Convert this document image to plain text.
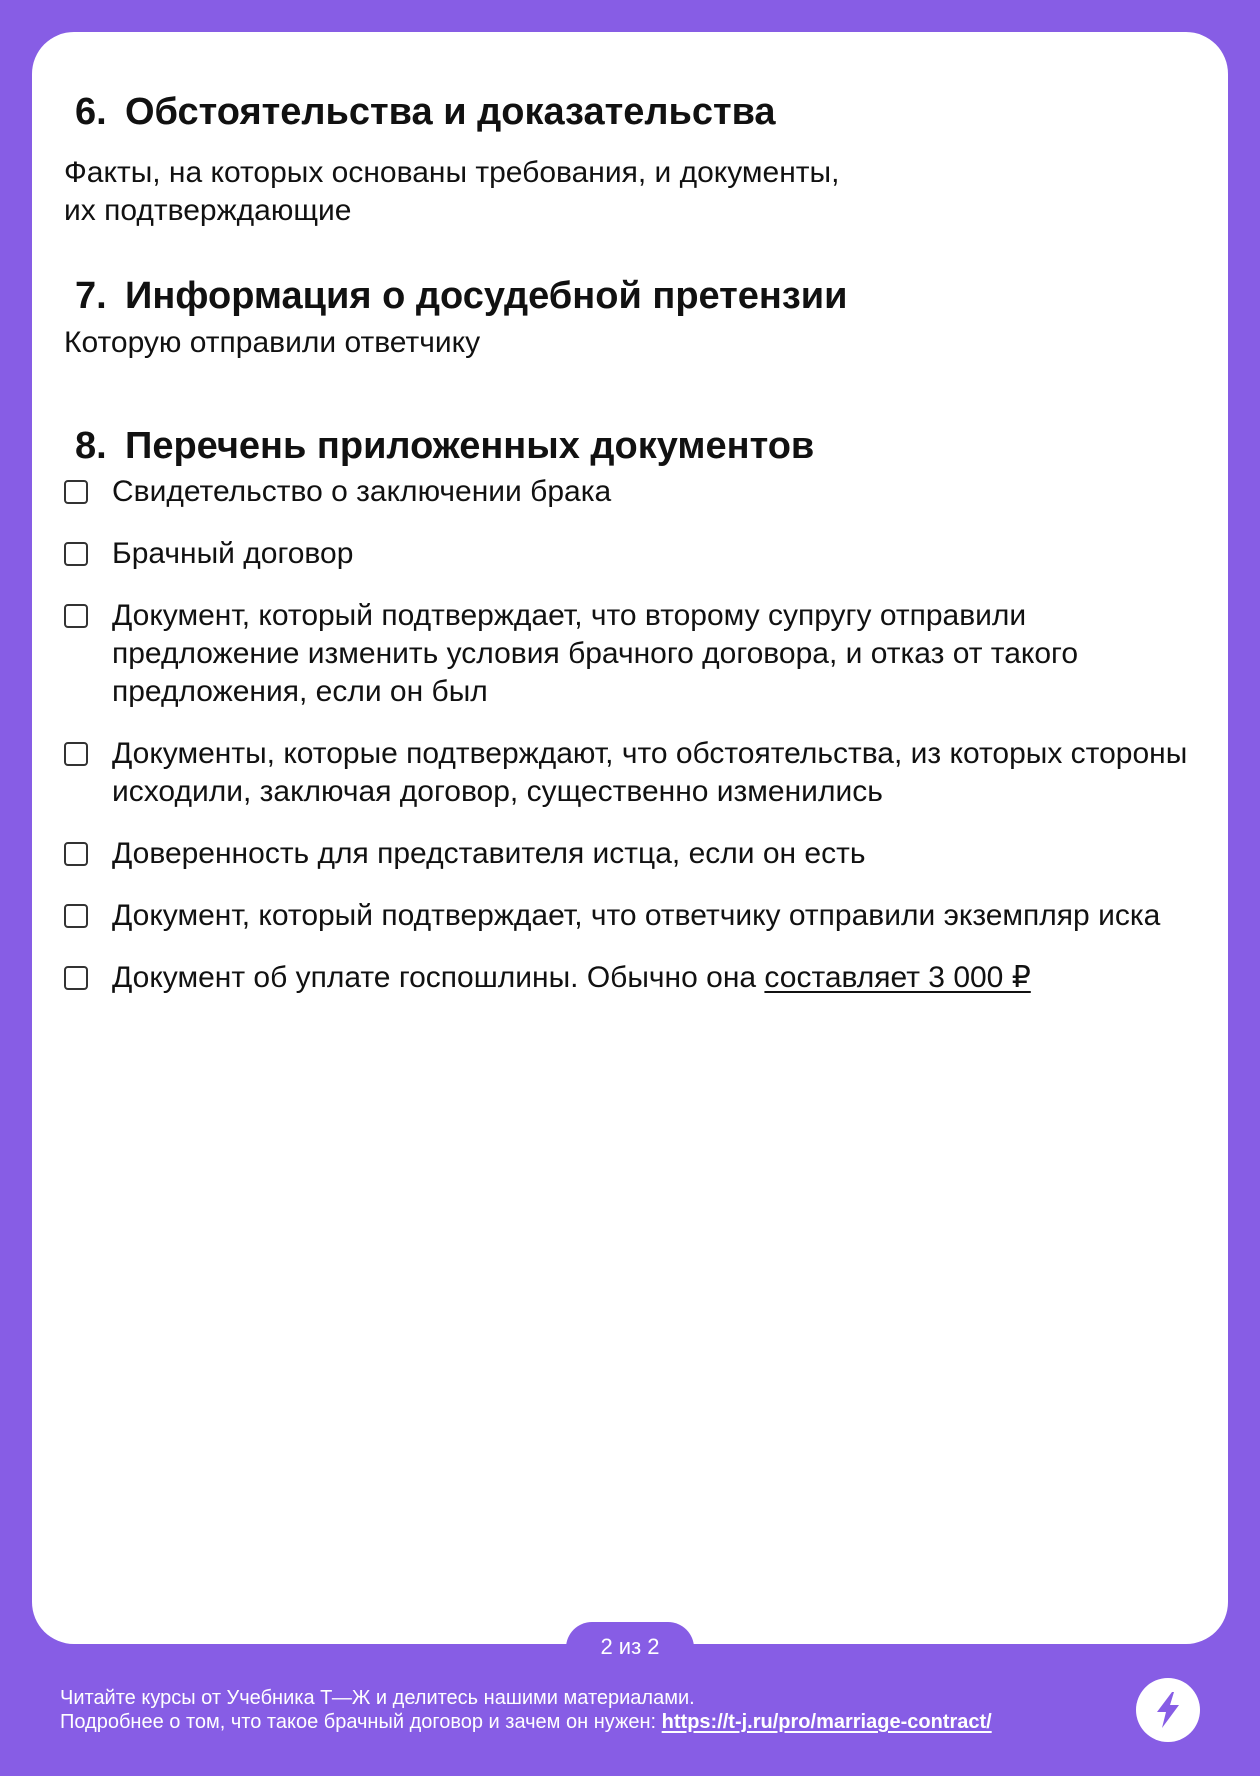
6. Обстоятельства и доказательства

Факты, на которых основаны требования, и документы,
их подтверждающие

7. Информация о досудебной претензии

Которую отправили ответчику

8. Перечень приложенных документов
Свидетельство о заключении брака
Брачный договор
Документ, который подтверждает, что второму супругу отправили предложение изменить условия брачного договора, и отказ от такого предложения, если он был
Документы, которые подтверждают, что обстоятельства, из которых стороны исходили, заключая договор, существенно изменились
Доверенность для представителя истца, если он есть
Документ, который подтверждает, что ответчику отправили экземпляр иска
Документ об уплате госпошлины. Обычно она составляет 3 000 ₽
2 из 2
Читайте курсы от Учебника Т—Ж и делитесь нашими материалами.
Подробнее о том, что такое брачный договор и зачем он нужен: https://t-j.ru/pro/marriage-contract/
